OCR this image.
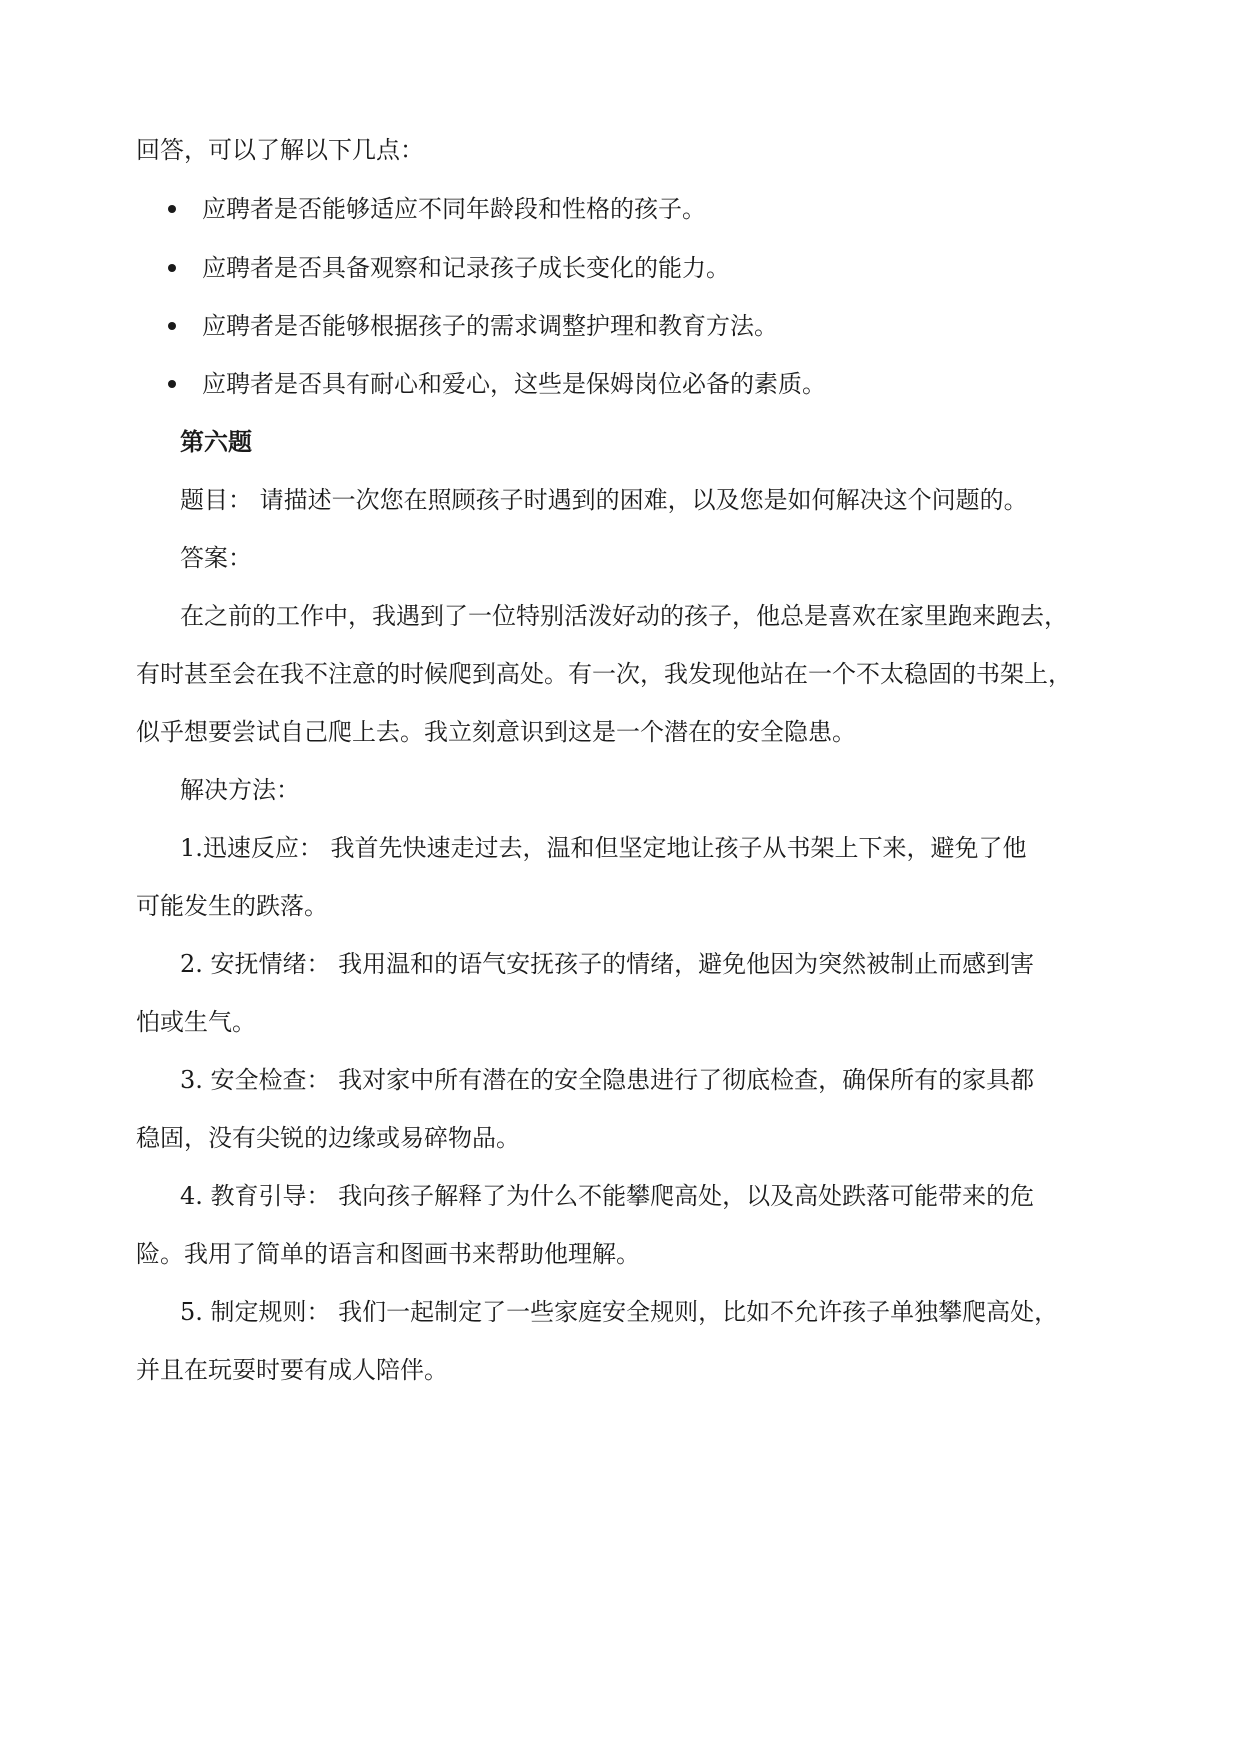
回答，可以了解以下几点：
应聘者是否能够适应不同年龄段和性格的孩子。
应聘者是否具备观察和记录孩子成长变化的能力。
应聘者是否能够根据孩子的需求调整护理和教育方法。
应聘者是否具有耐心和爱心，这些是保姆岗位必备的素质。
第六题
题目： 请描述一次您在照顾孩子时遇到的困难，以及您是如何解决这个问题的。
答案：
在之前的工作中，我遇到了一位特别活泼好动的孩子，他总是喜欢在家里跑来跑去，
有时甚至会在我不注意的时候爬到高处。有一次，我发现他站在一个不太稳固的书架上，
似乎想要尝试自己爬上去。我立刻意识到这是一个潜在的安全隐患。
解决方法：
1.迅速反应： 我首先快速走过去，温和但坚定地让孩子从书架上下来，避免了他
可能发生的跌落。
2. 安抚情绪： 我用温和的语气安抚孩子的情绪，避免他因为突然被制止而感到害
怕或生气。
3. 安全检查： 我对家中所有潜在的安全隐患进行了彻底检查，确保所有的家具都
稳固，没有尖锐的边缘或易碎物品。
4. 教育引导： 我向孩子解释了为什么不能攀爬高处，以及高处跌落可能带来的危
险。我用了简单的语言和图画书来帮助他理解。
5. 制定规则： 我们一起制定了一些家庭安全规则，比如不允许孩子单独攀爬高处，
并且在玩耍时要有成人陪伴。
